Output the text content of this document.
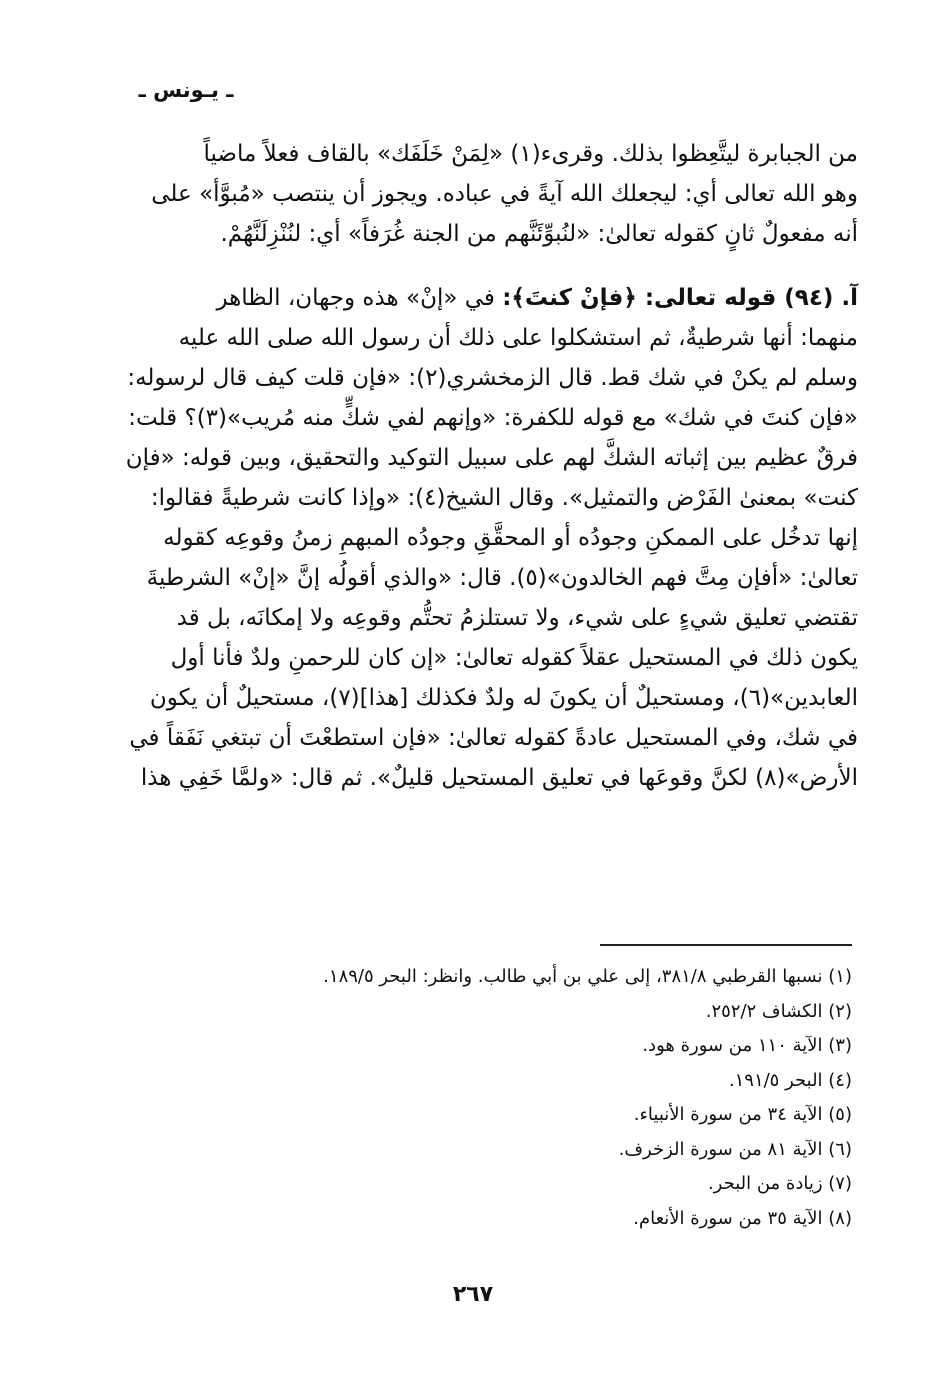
ـ يـونس ـ
من الجبابرة ليتَّعِظوا بذلك. وقرىء(١) «لِمَنْ خَلَفَك» بالقاف فعلاً ماضياً
وهو الله تعالى أي: ليجعلك الله آيةً في عباده. ويجوز أن ينتصب «مُبوَّأ» على
أنه مفعولٌ ثانٍ كقوله تعالىٰ: «لنُبوِّئَنَّهم من الجنة غُرَفاً» أي: لنُنْزِلَنَّهُمْ.
آ. (٩٤) قوله تعالى: ﴿فإنْ كنتَ﴾: في «إنْ» هذه وجهان، الظاهر
منهما: أنها شرطيةٌ، ثم استشكلوا على ذلك أن رسول الله صلى الله عليه
وسلم لم يكنْ في شك قط. قال الزمخشري(٢): «فإن قلت كيف قال لرسوله:
«فإن كنتَ في شك» مع قوله للكفرة: «وإنهم لفي شكٍّ منه مُريب»(٣)؟ قلت:
فرقٌ عظيم بين إثباته الشكَّ لهم على سبيل التوكيد والتحقيق، وبين قوله: «فإن
كنت» بمعنىٰ الفَرْض والتمثيل». وقال الشيخ(٤): «وإذا كانت شرطيةً فقالوا:
إنها تدخُل على الممكنِ وجودُه أو المحقَّقِ وجودُه المبهمِ زمنُ وقوعِه كقوله
تعالىٰ: «أفإن مِتَّ فهم الخالدون»(٥). قال: «والذي أقولُه إنَّ «إنْ» الشرطيةَ
تقتضي تعليق شيءٍ على شيء، ولا تستلزمُ تحتُّم وقوعِه ولا إمكانَه، بل قد
يكون ذلك في المستحيل عقلاً كقوله تعالىٰ: «إن كان للرحمنِ ولدٌ فأنا أول
العابدين»(٦)، ومستحيلٌ أن يكونَ له ولدٌ فكذلك [هذا](٧)، مستحيلٌ أن يكون
في شك، وفي المستحيل عادةً كقوله تعالىٰ: «فإن استطعْتَ أن تبتغي نَفَقاً في
الأرض»(٨) لكنَّ وقوعَها في تعليق المستحيل قليلٌ». ثم قال: «ولمَّا خَفِي هذا
(١) نسبها القرطبي ٣٨١/٨، إلى علي بن أبي طالب. وانظر: البحر ١٨٩/٥.
(٢) الكشاف ٢٥٢/٢.
(٣) الآية ١١٠ من سورة هود.
(٤) البحر ١٩١/٥.
(٥) الآية ٣٤ من سورة الأنبياء.
(٦) الآية ٨١ من سورة الزخرف.
(٧) زيادة من البحر.
(٨) الآية ٣٥ من سورة الأنعام.
٢٦٧
